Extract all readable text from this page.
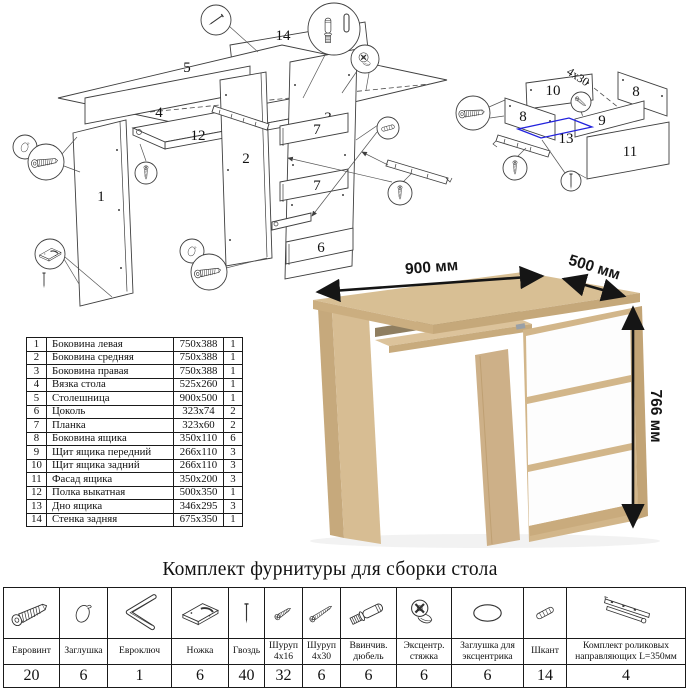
14
5
4
12
1
2
7
7
6
10	8
9
8
13
11
4x30
1	Боковина левая	750x388	1
2	Боковина средняя	750x388	1
3	Боковина правая	750x388	1
4	Вязка стола	525x260	1
5	Столешница	900x500	1
6	Цоколь	323x74	2
7	Планка	323x60	2
8	Боковина ящика	350x110	6
9	Щит ящика передний	266x110	3
10	Щит ящика задний	266x110	3
11	Фасад ящика	350x200	3
12	Полка выкатная	500x350	1
13	Дно ящика	346x295	3
14	Стенка задняя	675x350	1
900 мм	500 мм
766 мм
Комплект фурнитуры для сборки стола
Евровинт
20
Заглушка
6
Евроключ
1
Ножка
6
Гвоздь
40
Шуруп 4х16
32
Шуруп 4х30
6
Ввинчив. дюбель
6
Эксцентр. стяжка
6
Заглушка для эксцентрика
6
Шкант
14
Комплект роликовых направляющих L=350мм
4
